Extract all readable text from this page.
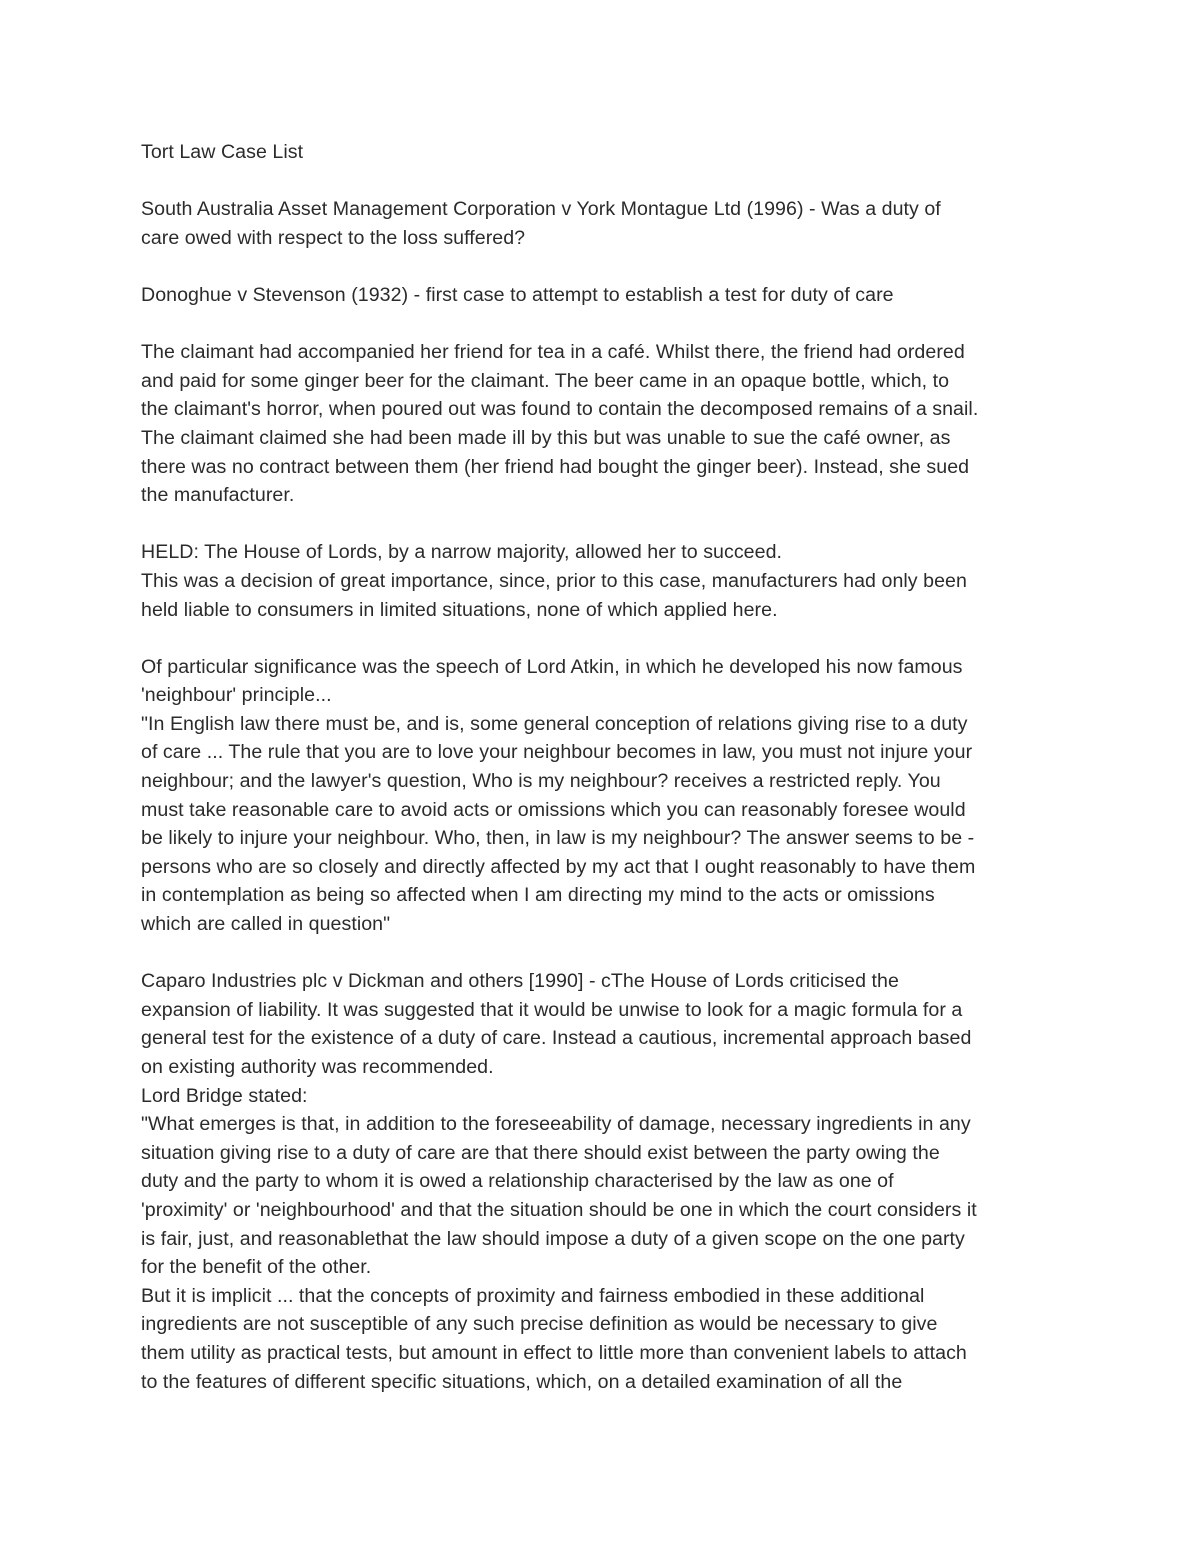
Tort Law Case List

South Australia Asset Management Corporation v York Montague Ltd (1996) - Was a duty of

care owed with respect to the loss suffered?

Donoghue v Stevenson (1932) - first case to attempt to establish a test for duty of care

The claimant had accompanied her friend for tea in a café. Whilst there, the friend had ordered

and paid for some ginger beer for the claimant. The beer came in an opaque bottle, which, to

the claimant's horror, when poured out was found to contain the decomposed remains of a snail.

The claimant claimed she had been made ill by this but was unable to sue the café owner, as

there was no contract between them (her friend had bought the ginger beer). Instead, she sued

the manufacturer.

HELD: The House of Lords, by a narrow majority, allowed her to succeed.

This was a decision of great importance, since, prior to this case, manufacturers had only been

held liable to consumers in limited situations, none of which applied here.

Of particular significance was the speech of Lord Atkin, in which he developed his now famous

'neighbour' principle...

"In English law there must be, and is, some general conception of relations giving rise to a duty

of care ... The rule that you are to love your neighbour becomes in law, you must not injure your

neighbour; and the lawyer's question, Who is my neighbour? receives a restricted reply. You

must take reasonable care to avoid acts or omissions which you can reasonably foresee would

be likely to injure your neighbour. Who, then, in law is my neighbour? The answer seems to be -

persons who are so closely and directly affected by my act that I ought reasonably to have them

in contemplation as being so affected when I am directing my mind to the acts or omissions

which are called in question"

Caparo Industries plc v Dickman and others [1990] - cThe House of Lords criticised the

expansion of liability. It was suggested that it would be unwise to look for a magic formula for a

general test for the existence of a duty of care. Instead a cautious, incremental approach based

on existing authority was recommended.

Lord Bridge stated:

"What emerges is that, in addition to the foreseeability of damage, necessary ingredients in any

situation giving rise to a duty of care are that there should exist between the party owing the

duty and the party to whom it is owed a relationship characterised by the law as one of

'proximity' or 'neighbourhood' and that the situation should be one in which the court considers it

is fair, just, and reasonablethat the law should impose a duty of a given scope on the one party

for the benefit of the other.

But it is implicit ... that the concepts of proximity and fairness embodied in these additional

ingredients are not susceptible of any such precise definition as would be necessary to give

them utility as practical tests, but amount in effect to little more than convenient labels to attach

to the features of different specific situations, which, on a detailed examination of all the
